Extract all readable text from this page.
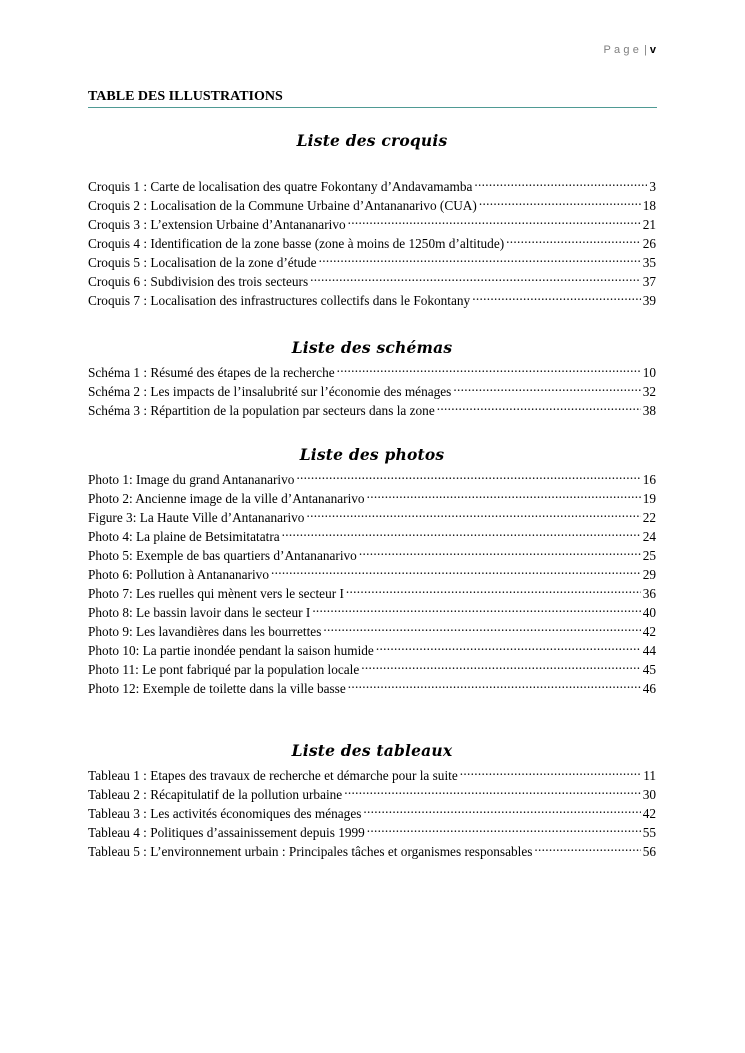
Page | v
TABLE DES ILLUSTRATIONS
Liste des croquis
Croquis 1 : Carte de localisation des quatre Fokontany d’Andavamamba .....	3
Croquis 2 : Localisation de la Commune Urbaine d’Antananarivo (CUA) .....	18
Croquis 3 : L’extension Urbaine d’Antananarivo .....	21
Croquis 4 : Identification de la zone basse (zone à moins de 1250m d’altitude) .....	26
Croquis 5 : Localisation de la zone d’étude .....	35
Croquis 6 : Subdivision des trois secteurs .....	37
Croquis 7 : Localisation des infrastructures collectifs dans le Fokontany .....	39
Liste des schémas
Schéma 1 : Résumé des étapes de la recherche .....	10
Schéma 2 : Les impacts de l’insalubrité sur l’économie des ménages .....	32
Schéma 3 : Répartition de la population par secteurs dans la zone .....	38
Liste des photos
Photo 1: Image du grand Antananarivo .....	16
Photo 2: Ancienne image de la ville d’Antananarivo .....	19
Figure 3: La Haute Ville d’Antananarivo .....	22
Photo 4: La plaine de Betsimitatatra .....	24
Photo 5: Exemple de bas quartiers d’Antananarivo .....	25
Photo 6: Pollution à Antananarivo .....	29
Photo 7: Les ruelles qui mènent vers le secteur I .....	36
Photo 8: Le bassin lavoir dans le secteur I .....	40
Photo 9: Les lavandières dans les bourrettes .....	42
Photo 10: La partie inondée pendant la saison humide .....	44
Photo 11: Le pont fabriqué par la population locale .....	45
Photo 12: Exemple de toilette dans la ville basse .....	46
Liste des tableaux
Tableau 1 : Etapes des travaux de recherche et démarche pour la suite .....	11
Tableau 2 : Récapitulatif de la pollution urbaine .....	30
Tableau 3 : Les activités économiques des ménages .....	42
Tableau 4 : Politiques d’assainissement depuis 1999 .....	55
Tableau 5 : L’environnement urbain : Principales tâches et organismes responsables .....	56
